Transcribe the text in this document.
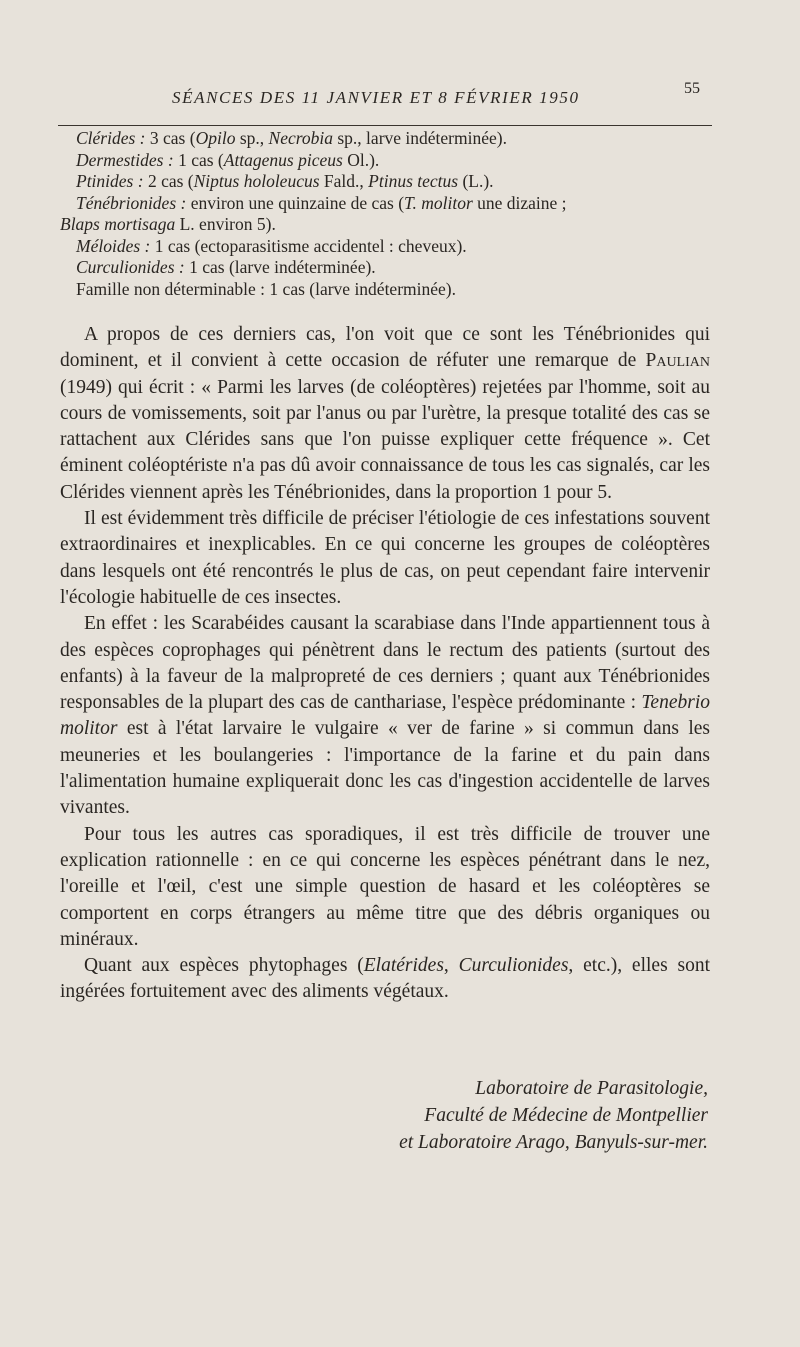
SÉANCES DES 11 JANVIER ET 8 FÉVRIER 1950	55
Clérides : 3 cas (Opilo sp., Necrobia sp., larve indéterminée).
Dermestides : 1 cas (Attagenus piceus Ol.).
Ptinides : 2 cas (Niptus hololeucus Fald., Ptinus tectus (L.).
Ténébrionides : environ une quinzaine de cas (T. molitor une dizaine ;
Blaps mortisaga L. environ 5).
Méloides : 1 cas (ectoparasitisme accidentel : cheveux).
Curculionides : 1 cas (larve indéterminée).
Famille non déterminable : 1 cas (larve indéterminée).

A propos de ces derniers cas, l'on voit que ce sont les Ténébrionides qui dominent, et il convient à cette occasion de réfuter une remarque de Paulian (1949) qui écrit : « Parmi les larves (de coléoptères) rejetées par l'homme, soit au cours de vomissements, soit par l'anus ou par l'urètre, la presque totalité des cas se rattachent aux Clérides sans que l'on puisse expliquer cette fréquence ». Cet éminent coléoptériste n'a pas dû avoir connaissance de tous les cas signalés, car les Clérides viennent après les Ténébrionides, dans la proportion 1 pour 5.

Il est évidemment très difficile de préciser l'étiologie de ces infestations souvent extraordinaires et inexplicables. En ce qui concerne les groupes de coléoptères dans lesquels ont été rencontrés le plus de cas, on peut cependant faire intervenir l'écologie habituelle de ces insectes.

En effet : les Scarabéides causant la scarabiase dans l'Inde appartiennent tous à des espèces coprophages qui pénètrent dans le rectum des patients (surtout des enfants) à la faveur de la malpropreté de ces derniers ; quant aux Ténébrionides responsables de la plupart des cas de canthariase, l'espèce prédominante : Tenebrio molitor est à l'état larvaire le vulgaire « ver de farine » si commun dans les meuneries et les boulangeries : l'importance de la farine et du pain dans l'alimentation humaine expliquerait donc les cas d'ingestion accidentelle de larves vivantes.

Pour tous les autres cas sporadiques, il est très difficile de trouver une explication rationnelle : en ce qui concerne les espèces pénétrant dans le nez, l'oreille et l'œil, c'est une simple question de hasard et les coléoptères se comportent en corps étrangers au même titre que des débris organiques ou minéraux.

Quant aux espèces phytophages (Elatérides, Curculionides, etc.), elles sont ingérées fortuitement avec des aliments végétaux.

Laboratoire de Parasitologie,
Faculté de Médecine de Montpellier
et Laboratoire Arago, Banyuls-sur-mer.
